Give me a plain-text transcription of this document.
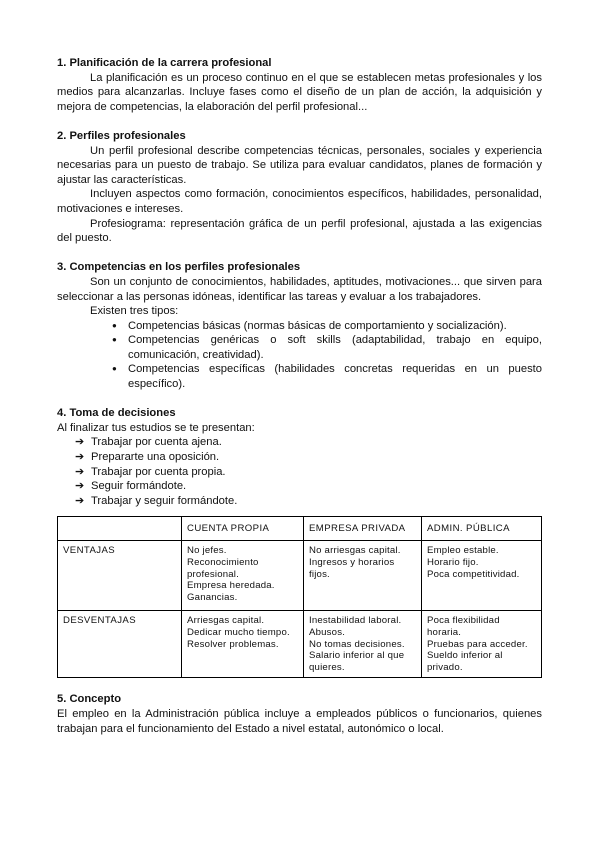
1. Planificación de la carrera profesional

La planificación es un proceso continuo en el que se establecen metas profesionales y los medios para alcanzarlas. Incluye fases como el diseño de un plan de acción, la adquisición y mejora de competencias, la elaboración del perfil profesional...

2. Perfiles profesionales

Un perfil profesional describe competencias técnicas, personales, sociales y experiencia necesarias para un puesto de trabajo. Se utiliza para evaluar candidatos, planes de formación y ajustar las características.

Incluyen aspectos como formación, conocimientos específicos, habilidades, personalidad, motivaciones e intereses.

Profesiograma: representación gráfica de un perfil profesional, ajustada a las exigencias del puesto.

3. Competencias en los perfiles profesionales

Son un conjunto de conocimientos, habilidades, aptitudes, motivaciones... que sirven para seleccionar a las personas idóneas, identificar las tareas y evaluar a los trabajadores.

Existen tres tipos:

● Competencias básicas (normas básicas de comportamiento y socialización).
● Competencias genéricas o soft skills (adaptabilidad, trabajo en equipo, comunicación, creatividad).
● Competencias específicas (habilidades concretas requeridas en un puesto específico).
4. Toma de decisiones

Al finalizar tus estudios se te presentan:

➔ Trabajar por cuenta ajena.
➔ Prepararte una oposición.
➔ Trabajar por cuenta propia.
➔ Seguir formándote.
➔ Trabajar y seguir formándote.
	CUENTA PROPIA	EMPRESA PRIVADA	ADMIN. PÚBLICA
VENTAJAS	No jefes.
Reconocimiento profesional.
Empresa heredada.
Ganancias.	No arriesgas capital.
Ingresos y horarios fijos.	Empleo estable.
Horario fijo.
Poca competitividad.

DESVENTAJAS	Arriesgas capital.
Dedicar mucho tiempo.
Resolver problemas.	Inestabilidad laboral.
Abusos.
No tomas decisiones.
Salario inferior al que quieres.	Poca flexibilidad horaria.
Pruebas para acceder.
Sueldo inferior al privado.
5. Concepto

El empleo en la Administración pública incluye a empleados públicos o funcionarios, quienes trabajan para el funcionamiento del Estado a nivel estatal, autonómico o local.
